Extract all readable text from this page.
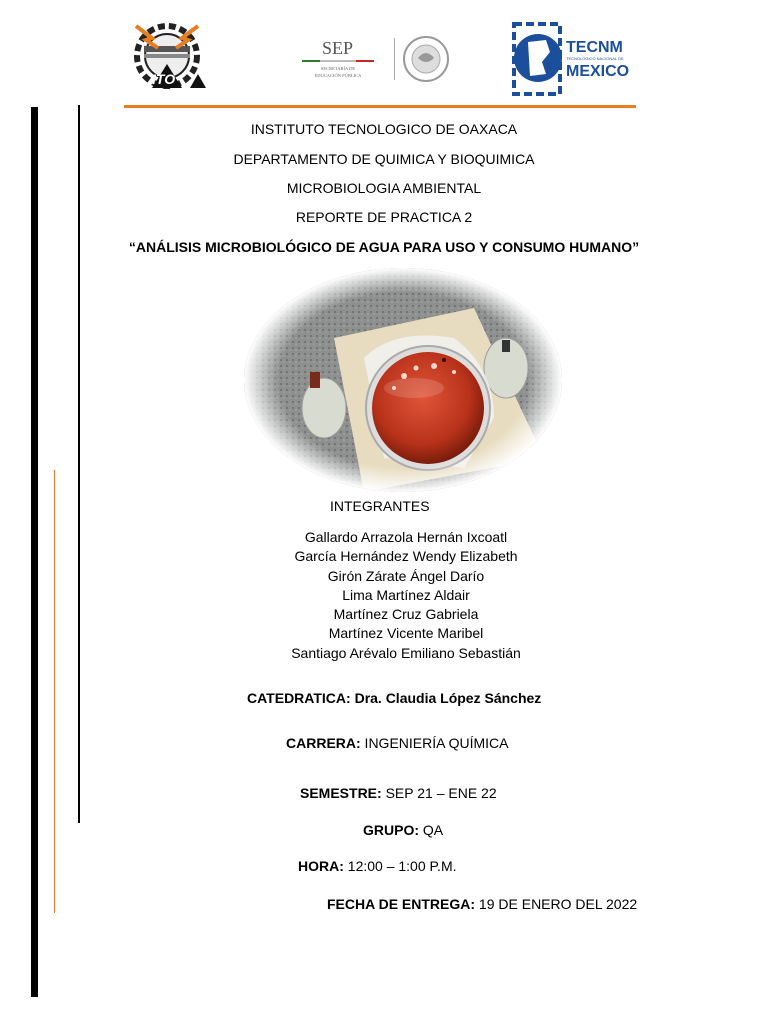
ITO
SEP
SECRETARÍA DE
EDUCACIÓN PÚBLICA
TECNM
TECNOLÓGICO NACIONAL DE
MEXICO
INSTITUTO TECNOLOGICO DE OAXACA
DEPARTAMENTO DE QUIMICA Y BIOQUIMICA
MICROBIOLOGIA AMBIENTAL
REPORTE DE PRACTICA 2
“ANÁLISIS MICROBIOLÓGICO DE AGUA PARA USO Y CONSUMO HUMANO”
INTEGRANTES
Gallardo Arrazola Hernán Ixcoatl
García Hernández Wendy Elizabeth
Girón Zárate Ángel Darío
Lima Martínez Aldair
Martínez Cruz Gabriela
Martínez Vicente Maribel
Santiago Arévalo Emiliano Sebastián
CATEDRATICA: Dra. Claudia López Sánchez
CARRERA: INGENIERÍA QUÍMICA
SEMESTRE: SEP 21 – ENE 22
GRUPO: QA
HORA: 12:00 – 1:00 P.M.
FECHA DE ENTREGA: 19 DE ENERO DEL 2022
